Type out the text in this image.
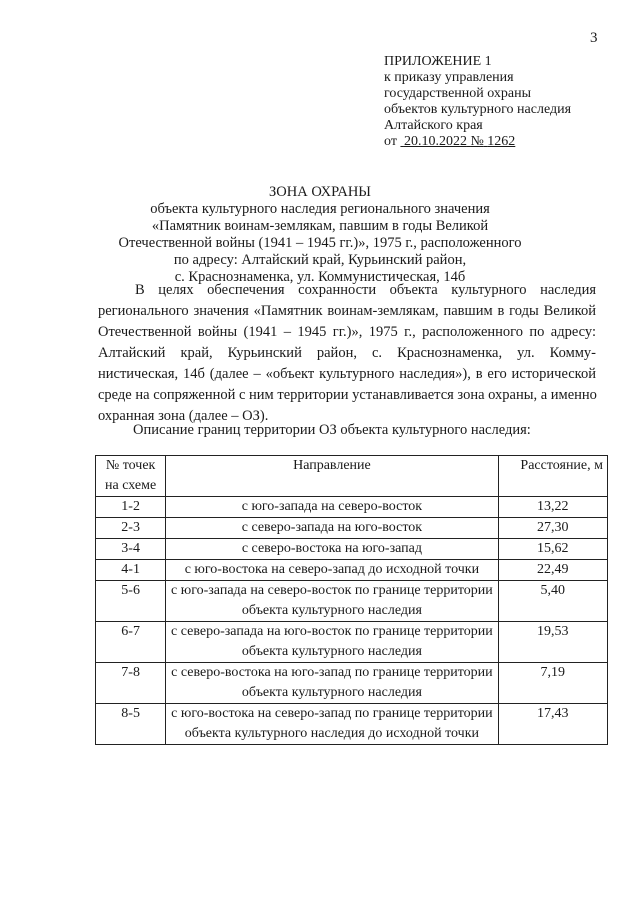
3
ПРИЛОЖЕНИЕ 1
к приказу управления
государственной охраны
объектов культурного наследия
Алтайского края
от 20.10.2022 № 1262
ЗОНА ОХРАНЫ
объекта культурного наследия регионального значения
«Памятник воинам-землякам, павшим в годы Великой
Отечественной войны (1941 – 1945 гг.)», 1975 г., расположенного
по адресу: Алтайский край, Курьинский район,
с. Краснознаменка, ул. Коммунистическая, 14б
В целях обеспечения сохранности объекта культурного наследия
регионального значения «Памятник воинам-землякам, павшим в годы Великой
Отечественной войны (1941 – 1945 гг.)», 1975 г., расположенного по адресу:
Алтайский край, Курьинский район, с. Краснознаменка, ул. Комму-
нистическая, 14б (далее – «объект культурного наследия»), в его исторической
среде на сопряженной с ним территории устанавливается зона охраны, а именно
охранная зона (далее – ОЗ).
Описание границ территории ОЗ объекта культурного наследия:
№ точек на схеме	Направление	Расстояние, м
1-2	с юго-запада на северо-восток	13,22
2-3	с северо-запада на юго-восток	27,30
3-4	с северо-востока на юго-запад	15,62
4-1	с юго-востока на северо-запад до исходной точки	22,49
5-6	с юго-запада на северо-восток по границе территории объекта культурного наследия	5,40
6-7	с северо-запада на юго-восток по границе территории объекта культурного наследия	19,53
7-8	с северо-востока на юго-запад по границе территории объекта культурного наследия	7,19
8-5	с юго-востока на северо-запад по границе территории объекта культурного наследия до исходной точки	17,43
